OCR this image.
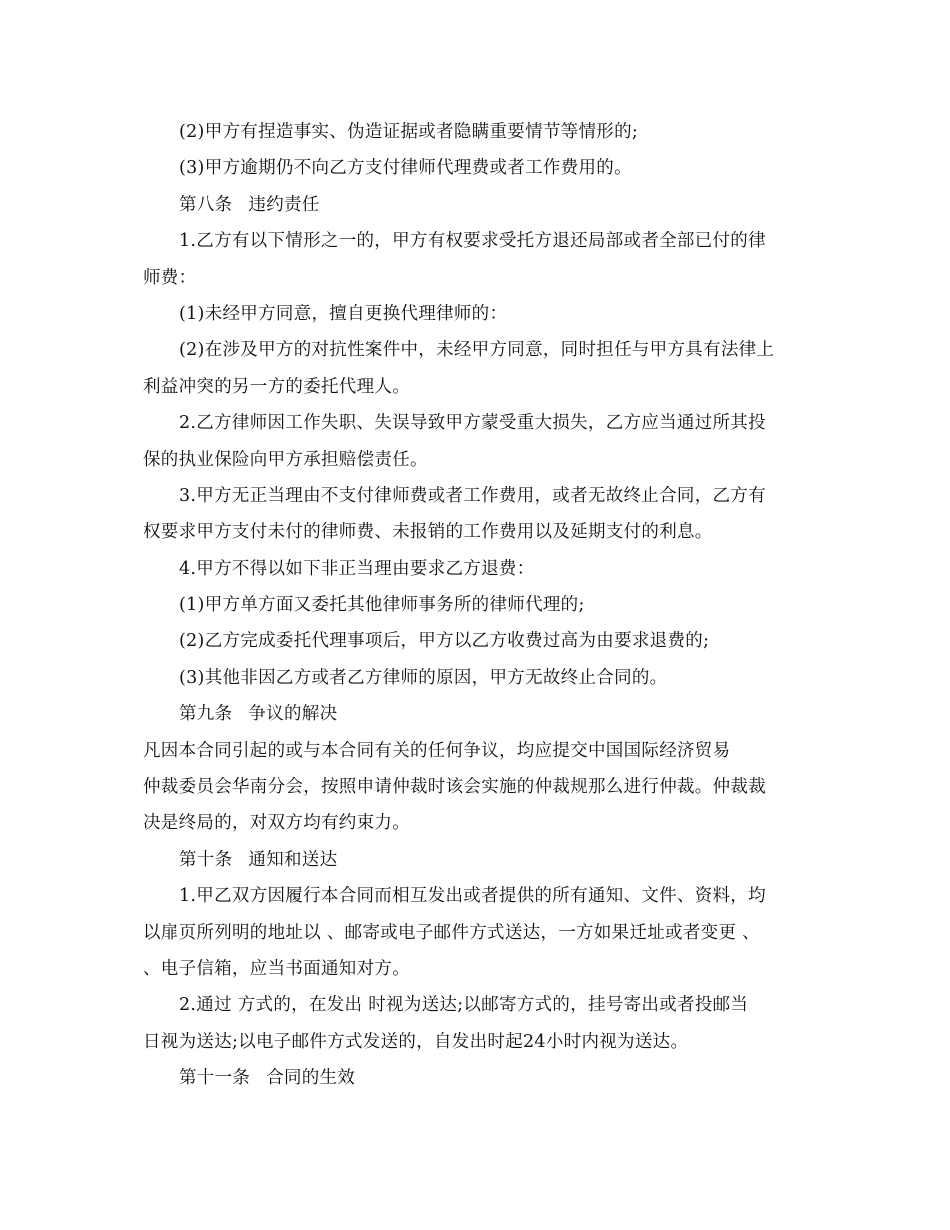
(2)甲方有捏造事实、伪造证据或者隐瞒重要情节等情形的;
(3)甲方逾期仍不向乙方支付律师代理费或者工作费用的。
第八条 违约责任
1.乙方有以下情形之一的，甲方有权要求受托方退还局部或者全部已付的律
师费：
(1)未经甲方同意，擅自更换代理律师的：
(2)在涉及甲方的对抗性案件中，未经甲方同意，同时担任与甲方具有法律上
利益冲突的另一方的委托代理人。
2.乙方律师因工作失职、失误导致甲方蒙受重大损失，乙方应当通过所其投
保的执业保险向甲方承担赔偿责任。
3.甲方无正当理由不支付律师费或者工作费用，或者无故终止合同，乙方有
权要求甲方支付未付的律师费、未报销的工作费用以及延期支付的利息。
4.甲方不得以如下非正当理由要求乙方退费：
(1)甲方单方面又委托其他律师事务所的律师代理的;
(2)乙方完成委托代理事项后，甲方以乙方收费过高为由要求退费的;
(3)其他非因乙方或者乙方律师的原因，甲方无故终止合同的。
第九条 争议的解决
凡因本合同引起的或与本合同有关的任何争议，均应提交中国国际经济贸易
仲裁委员会华南分会，按照申请仲裁时该会实施的仲裁规那么进行仲裁。仲裁裁
决是终局的，对双方均有约束力。
第十条 通知和送达
1.甲乙双方因履行本合同而相互发出或者提供的所有通知、文件、资料，均
以扉页所列明的地址以 、邮寄或电子邮件方式送达，一方如果迁址或者变更 、
、电子信箱，应当书面通知对方。
2.通过 方式的，在发出 时视为送达;以邮寄方式的，挂号寄出或者投邮当
日视为送达;以电子邮件方式发送的，自发出时起24小时内视为送达。
第十一条 合同的生效
